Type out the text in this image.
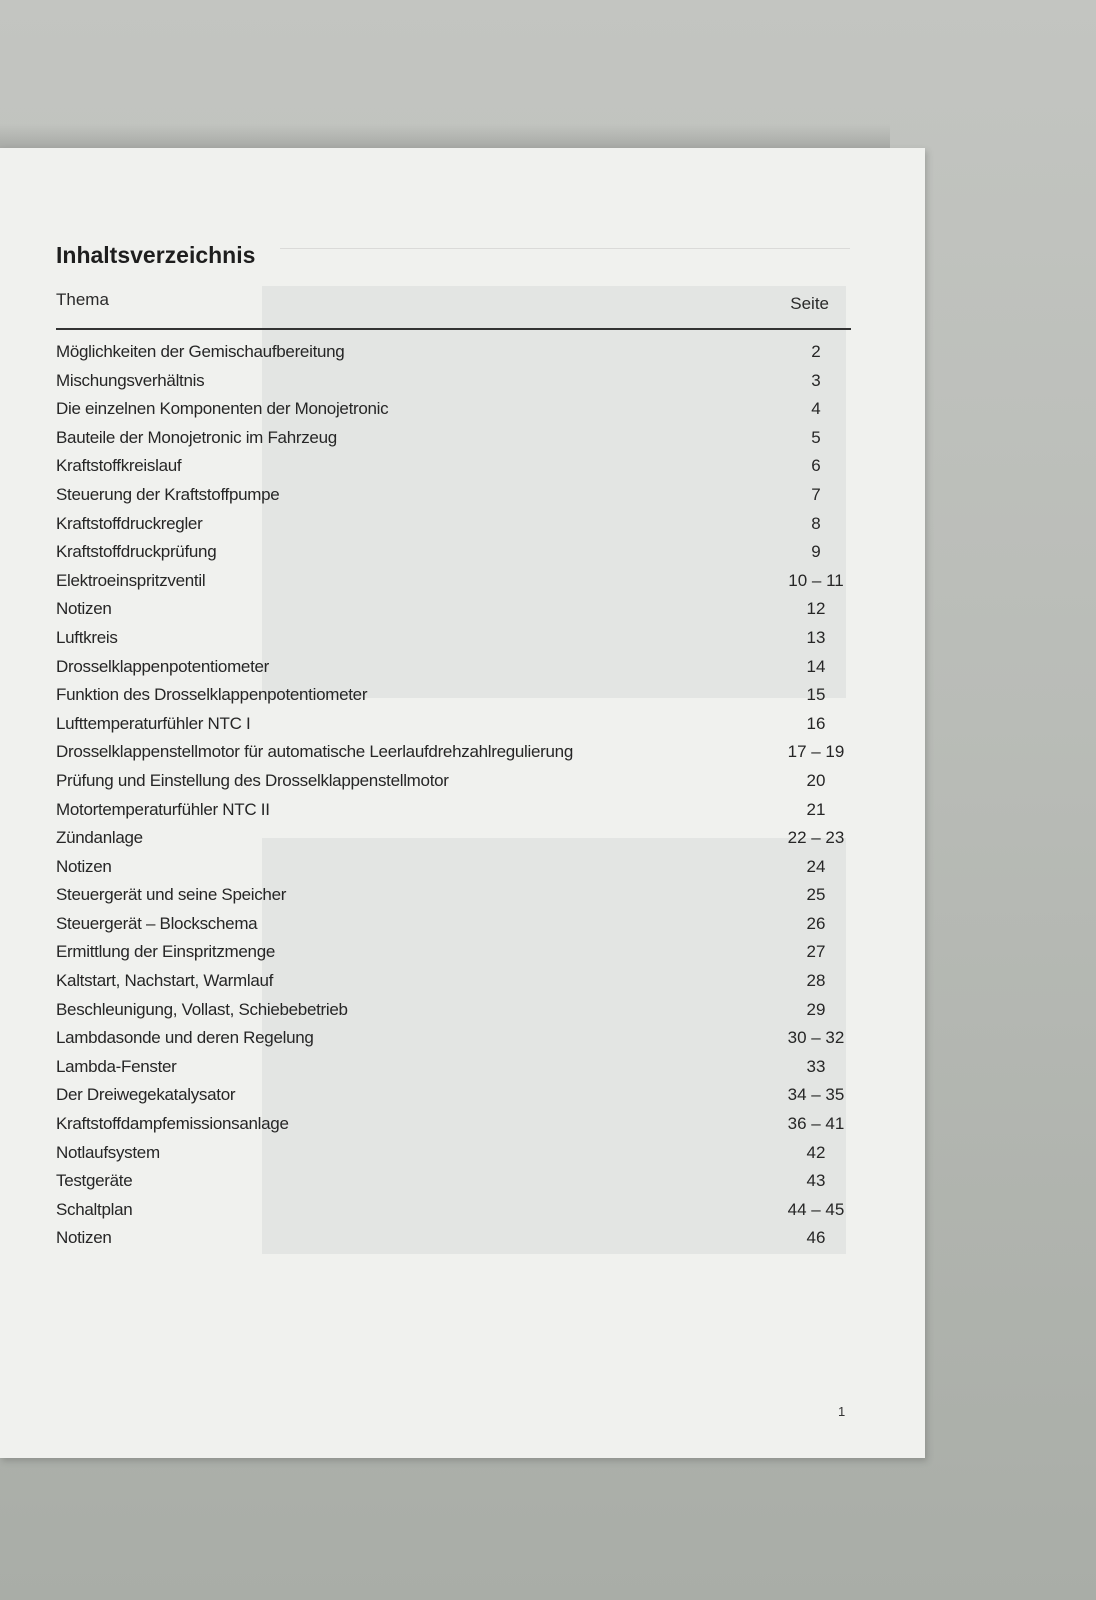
Inhaltsverzeichnis
Thema	Seite
Möglichkeiten der Gemischaufbereitung	2
Mischungsverhältnis	3
Die einzelnen Komponenten der Monojetronic	4
Bauteile der Monojetronic im Fahrzeug	5
Kraftstoffkreislauf	6
Steuerung der Kraftstoffpumpe	7
Kraftstoffdruckregler	8
Kraftstoffdruckprüfung	9
Elektroeinspritzventil	10 – 11
Notizen	12
Luftkreis	13
Drosselklappenpotentiometer	14
Funktion des Drosselklappenpotentiometer	15
Lufttemperaturfühler NTC I	16
Drosselklappenstellmotor für automatische Leerlaufdrehzahlregulierung	17 – 19
Prüfung und Einstellung des Drosselklappenstellmotor	20
Motortemperaturfühler NTC II	21
Zündanlage	22 – 23
Notizen	24
Steuergerät und seine Speicher	25
Steuergerät – Blockschema	26
Ermittlung der Einspritzmenge	27
Kaltstart, Nachstart, Warmlauf	28
Beschleunigung, Vollast, Schiebebetrieb	29
Lambdasonde und deren Regelung	30 – 32
Lambda-Fenster	33
Der Dreiwegekatalysator	34 – 35
Kraftstoffdampfemissionsanlage	36 – 41
Notlaufsystem	42
Testgeräte	43
Schaltplan	44 – 45
Notizen	46
1
